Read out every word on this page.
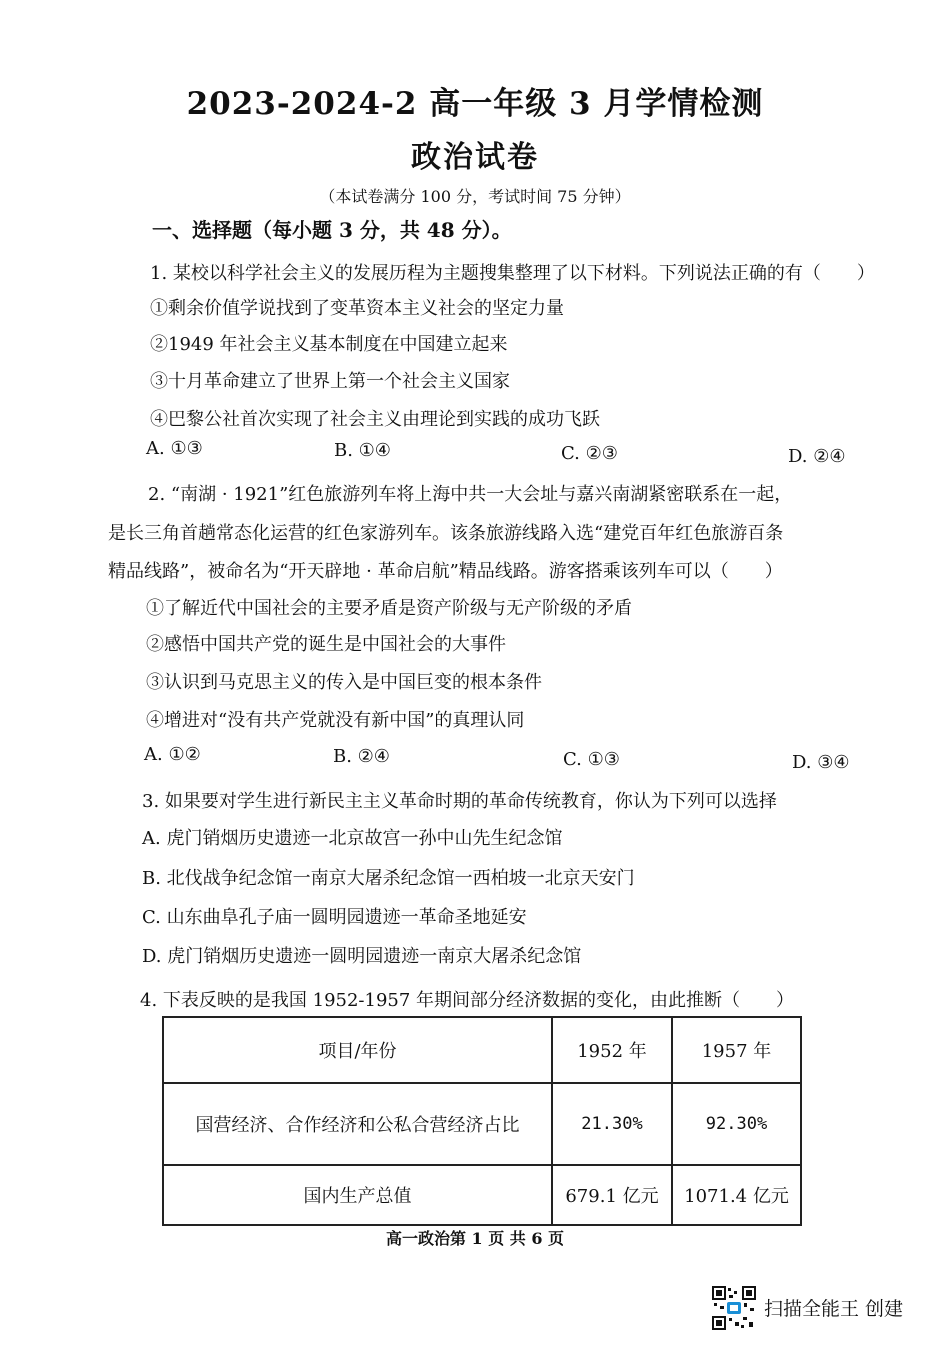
2023-2024-2 高一年级 3 月学情检测
政治试卷
（本试卷满分 100 分，考试时间 75 分钟）
一、选择题（每小题 3 分，共 48 分）。
1. 某校以科学社会主义的发展历程为主题搜集整理了以下材料。下列说法正确的有（　　）
①剩余价值学说找到了变革资本主义社会的坚定力量
②1949 年社会主义基本制度在中国建立起来
③十月革命建立了世界上第一个社会主义国家
④巴黎公社首次实现了社会主义由理论到实践的成功飞跃
A. ①③	B. ①④	C. ②③	D. ②④
2. “南湖 · 1921”红色旅游列车将上海中共一大会址与嘉兴南湖紧密联系在一起，
是长三角首趟常态化运营的红色家游列车。该条旅游线路入选“建党百年红色旅游百条
精品线路”，被命名为“开天辟地 · 革命启航”精品线路。游客搭乘该列车可以（　　）
①了解近代中国社会的主要矛盾是资产阶级与无产阶级的矛盾
②感悟中国共产党的诞生是中国社会的大事件
③认识到马克思主义的传入是中国巨变的根本条件
④增进对“没有共产党就没有新中国”的真理认同
A. ①②	B. ②④	C. ①③	D. ③④
3. 如果要对学生进行新民主主义革命时期的革命传统教育，你认为下列可以选择
A. 虎门销烟历史遗迹一北京故宫一孙中山先生纪念馆
B. 北伐战争纪念馆一南京大屠杀纪念馆一西柏坡一北京天安门
C. 山东曲阜孔子庙一圆明园遗迹一革命圣地延安
D. 虎门销烟历史遗迹一圆明园遗迹一南京大屠杀纪念馆
4. 下表反映的是我国 1952-1957 年期间部分经济数据的变化，由此推断（　　）
项目/年份	1952 年	1957 年
国营经济、合作经济和公私合营经济占比	21.30%	92.30%
国内生产总值	679.1 亿元	1071.4 亿元
高一政治第 1 页 共 6 页
扫描全能王 创建
